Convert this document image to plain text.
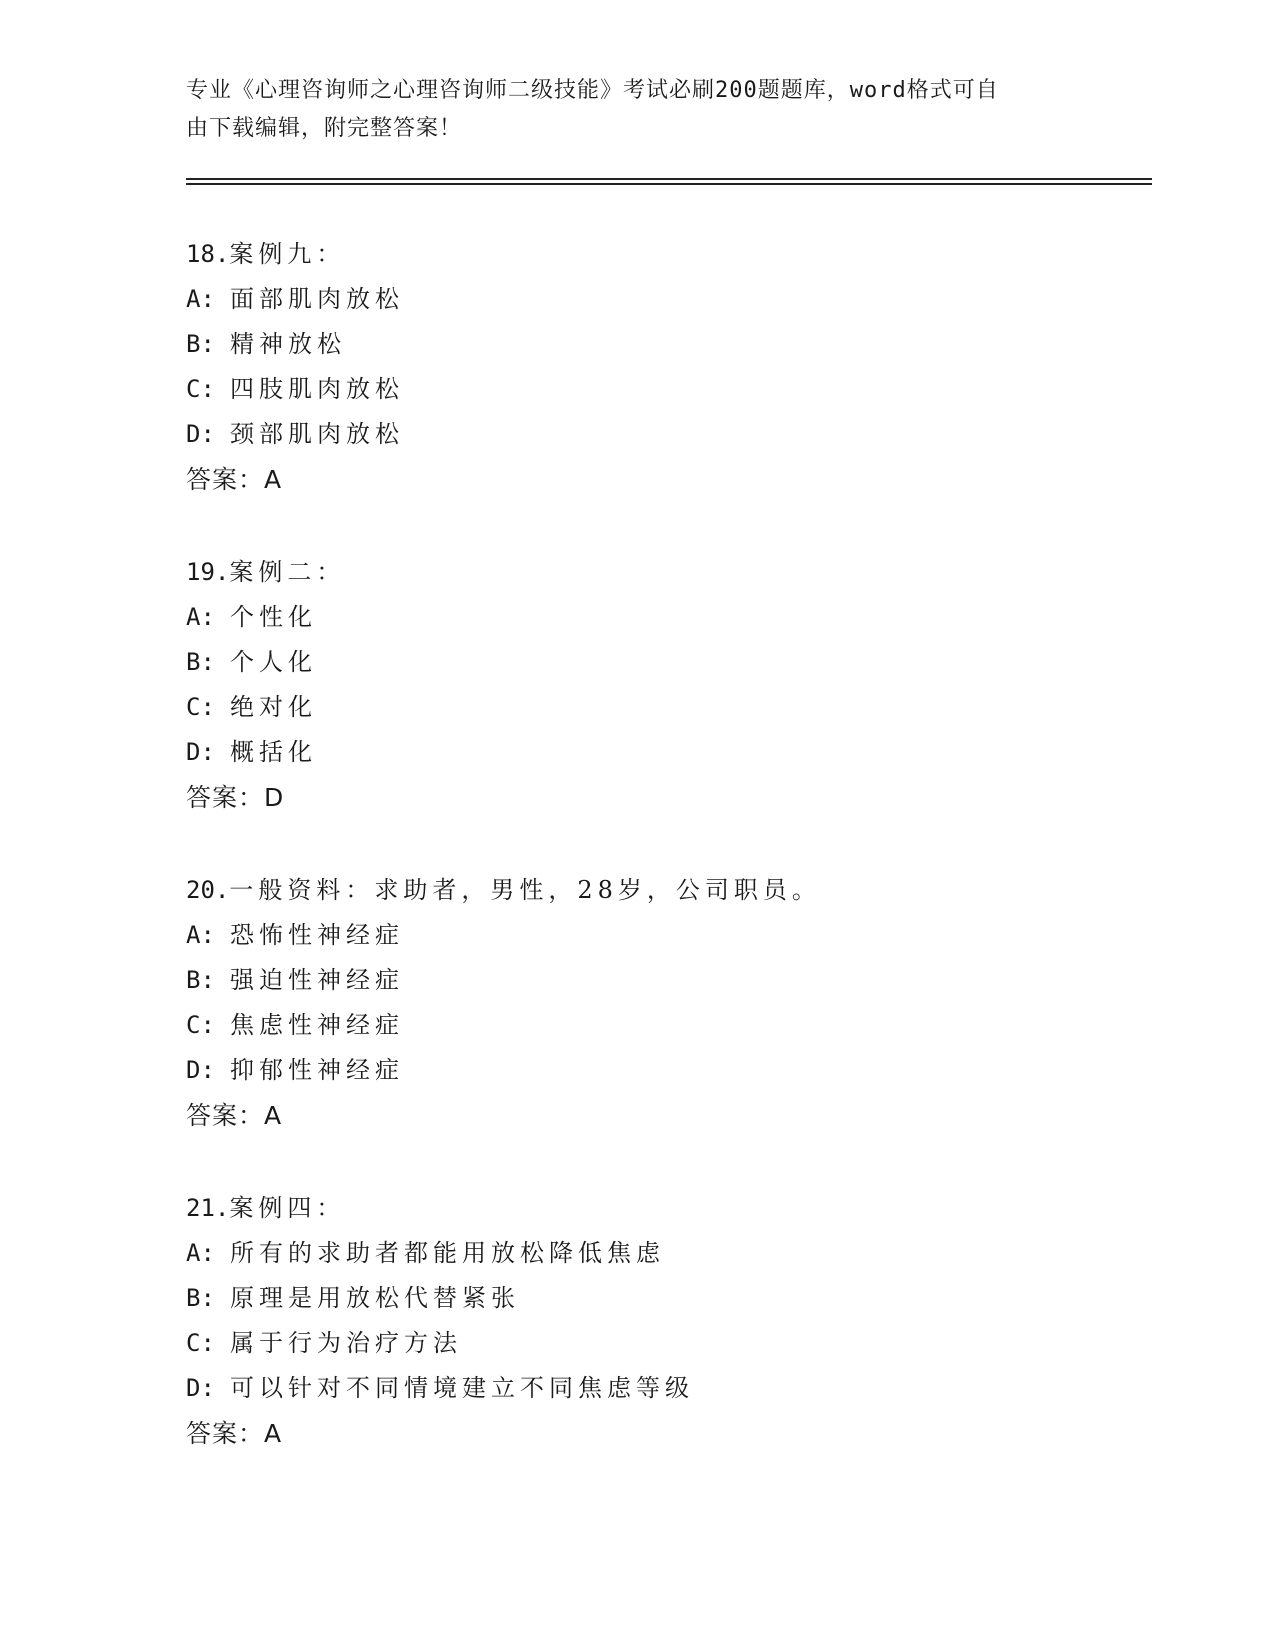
专业《心理咨询师之心理咨询师二级技能》考试必刷200题题库，word格式可自
由下载编辑，附完整答案！
18.案例九：
A: 面部肌肉放松
B: 精神放松
C: 四肢肌肉放松
D: 颈部肌肉放松
答案：A
19.案例二：
A: 个性化
B: 个人化
C: 绝对化
D: 概括化
答案：D
20.一般资料：求助者，男性，28岁，公司职员。
A: 恐怖性神经症
B: 强迫性神经症
C: 焦虑性神经症
D: 抑郁性神经症
答案：A
21.案例四：
A: 所有的求助者都能用放松降低焦虑
B: 原理是用放松代替紧张
C: 属于行为治疗方法
D: 可以针对不同情境建立不同焦虑等级
答案：A
